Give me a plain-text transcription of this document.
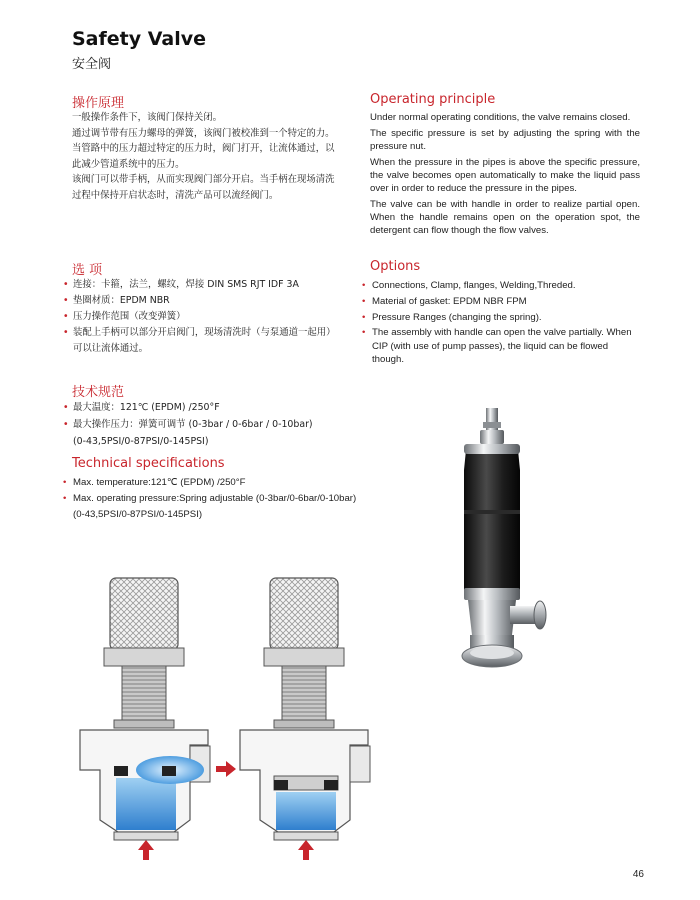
Safety Valve
安全阀
操作原理

一般操作条件下，该阀门保持关闭。

通过调节带有压力螺母的弹簧，该阀门被校准到一个特定的力。

当管路中的压力超过特定的压力时，阀门打开，让流体通过，以

此减少管道系统中的压力。

该阀门可以带手柄，从而实现阀门部分开启。当手柄在现场清洗

过程中保持开启状态时，清洗产品可以流经阀门。

Operating principle

Under normal operating conditions, the valve remains closed.

The specific pressure is set by adjusting the spring with the pressure nut.

When the pressure in the pipes is above the specific pressure, the valve becomes open automatically to make the liquid pass over in order to reduce the pressure in the pipes.

The valve can be with handle in order to realize partial open. When the handle remains open on the operation spot, the detergent can flow though the flow valves.

选 项
• 连接：卡箍，法兰，螺纹，焊接 DIN SMS RJT IDF 3A
• 垫圈材质：EPDM NBR
• 压力操作范围（改变弹簧）
• 装配上手柄可以部分开启阀门，现场清洗时（与泵通道一起用）
可以让流体通过。
Options
• Connections, Clamp, flanges, Welding,Threded.
• Material of gasket: EPDM NBR FPM
• Pressure Ranges (changing the spring).
• The assembly with handle can open the valve partially. When CIP (with use of pump passes), the liquid can be flowed though.
技术规范
• 最大温度：121℃ (EPDM) /250°F
• 最大操作压力：弹簧可调节 (0-3bar / 0-6bar / 0-10bar)
(0-43,5PSI/0-87PSI/0-145PSI)
Technical specifications
• Max. temperature:121℃ (EPDM) /250°F
• Max. operating pressure:Spring adjustable (0-3bar/0-6bar/0-10bar)
(0-43,5PSI/0-87PSI/0-145PSI)
46
